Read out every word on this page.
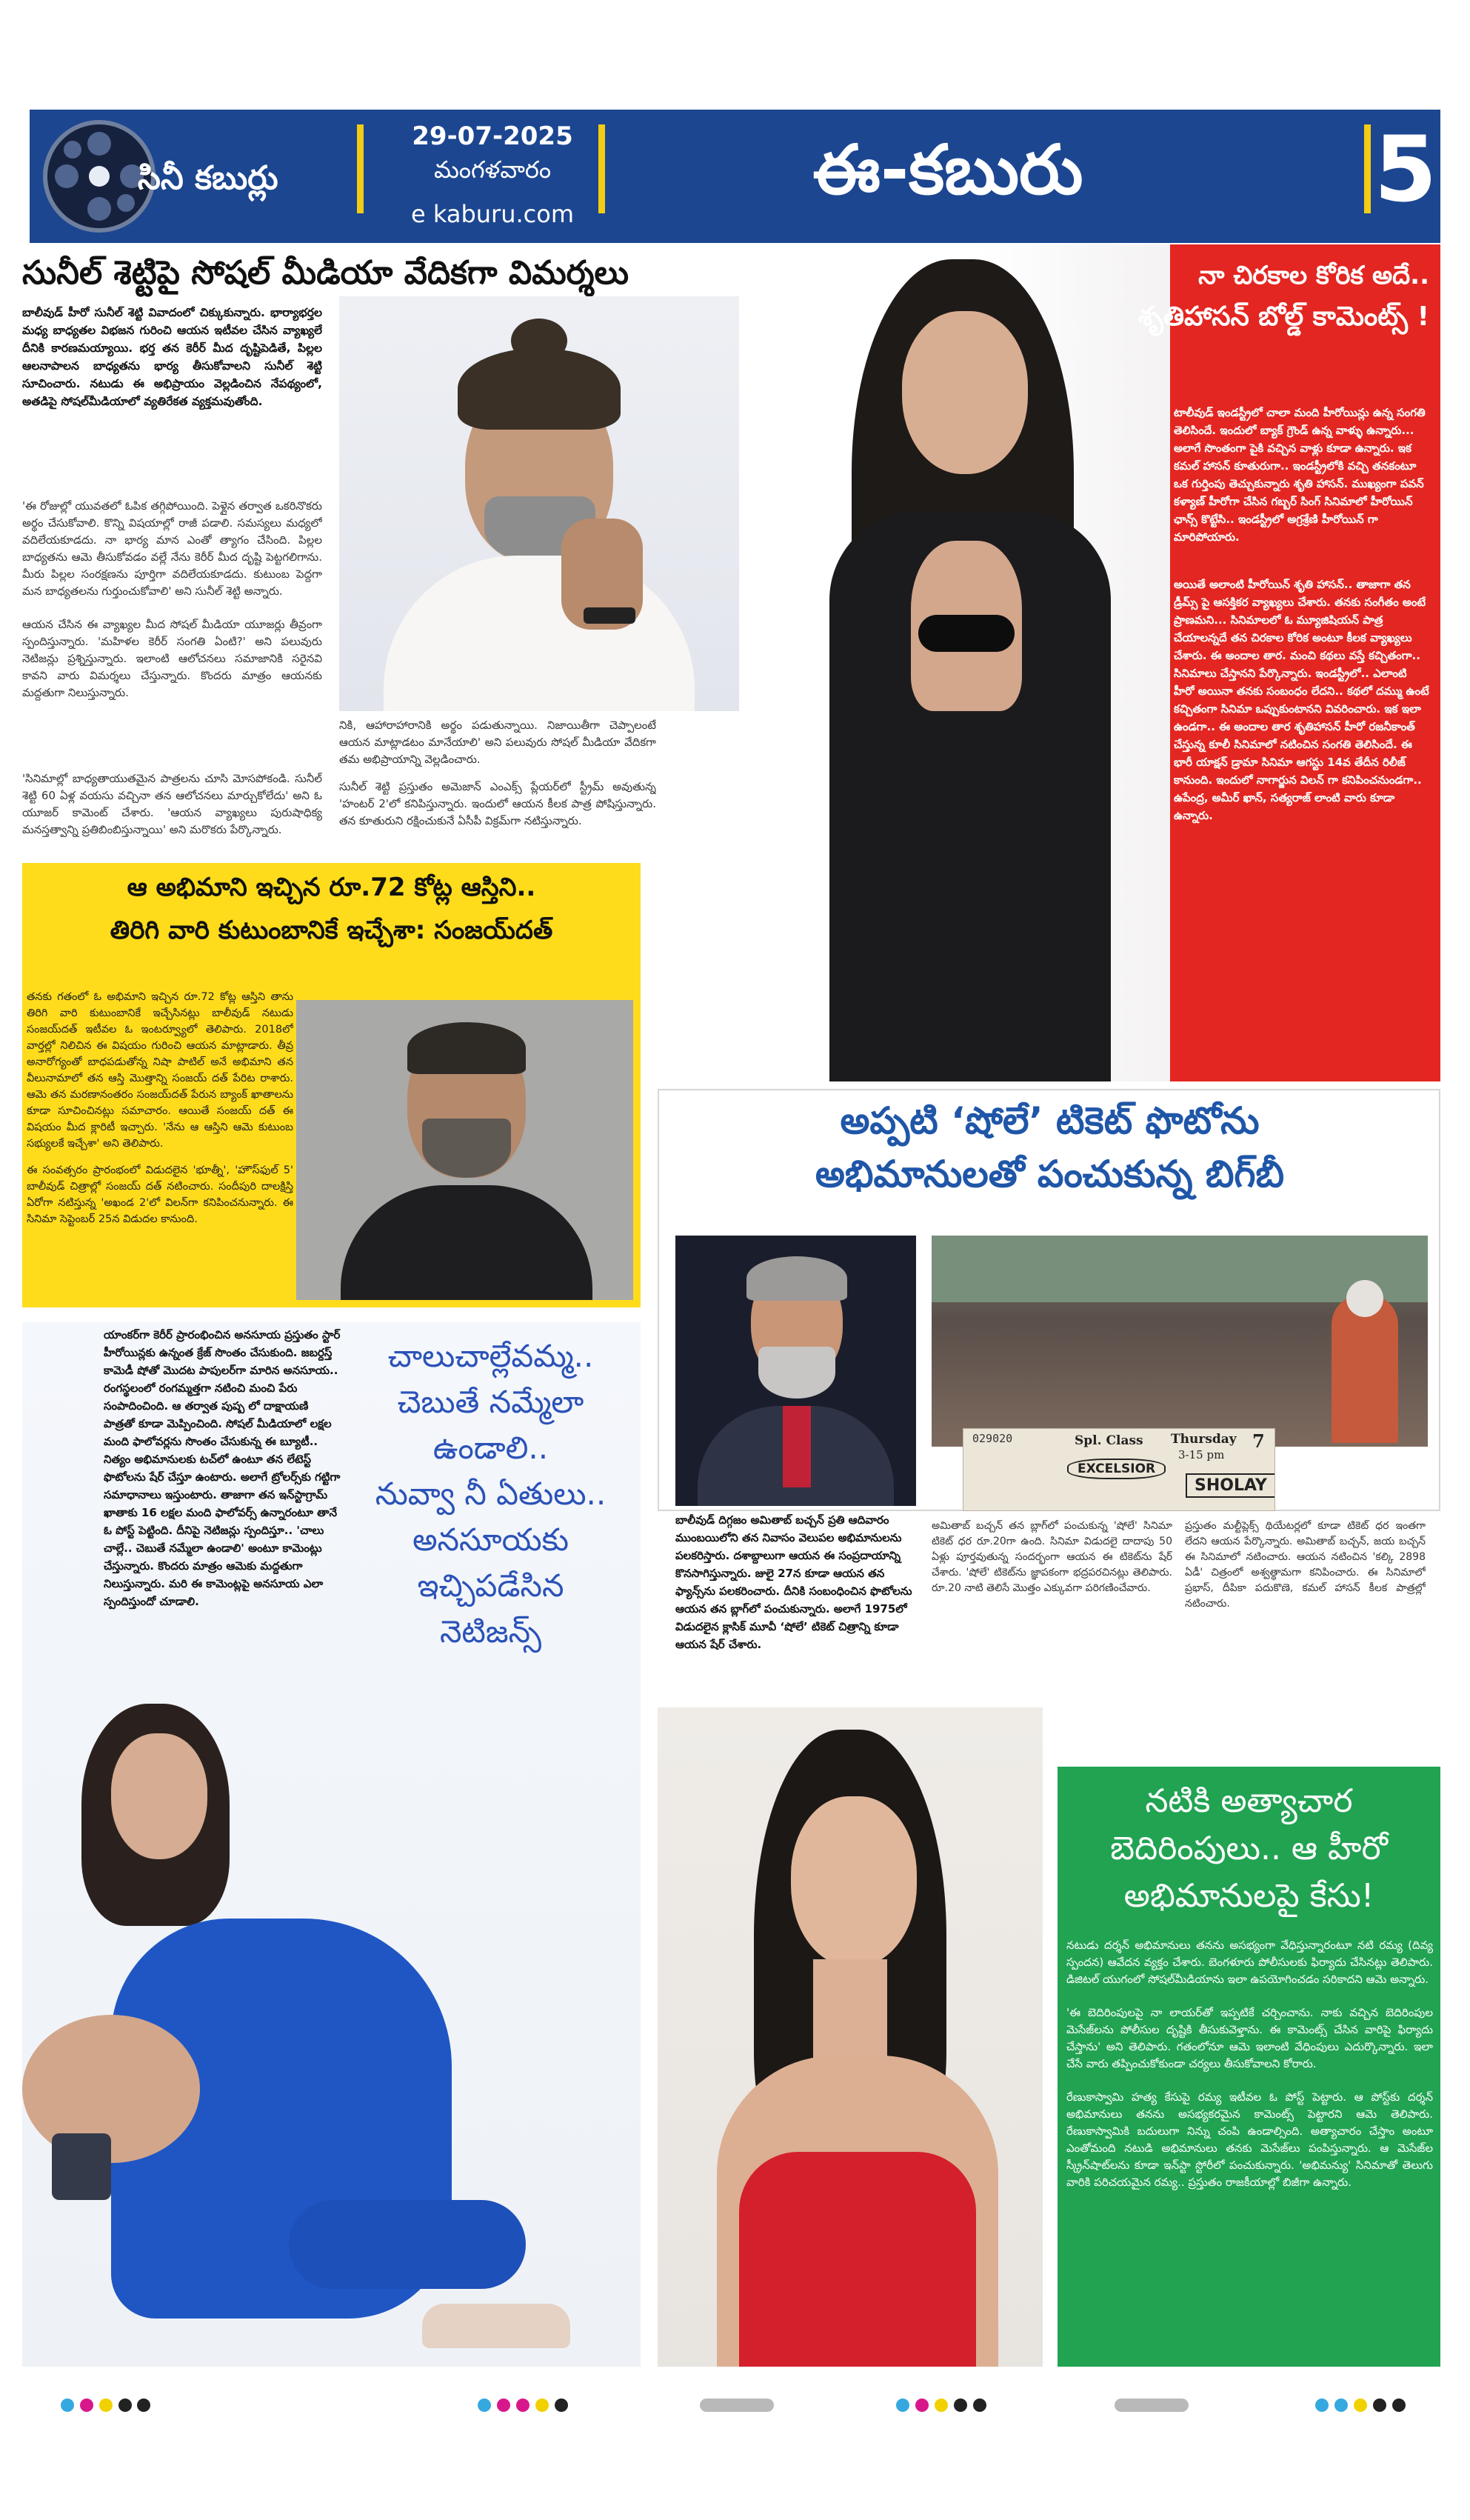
సినీ కబుర్లు
29-07-2025
మంగళవారం
e kaburu.com
ఈ-కబురు	5
సునీల్ శెట్టిపై సోషల్ మీడియా వేదికగా విమర్శలు
బాలీవుడ్ హీరో సునీల్ శెట్టి వివాదంలో చిక్కుకున్నారు. భార్యాభర్తల మధ్య బాధ్యతల విభజన గురించి ఆయన ఇటీవల చేసిన వ్యాఖ్యలే దీనికి కారణమయ్యాయి. భర్త తన కెరీర్ మీద దృష్టిపెడితే, పిల్లల ఆలనాపాలన బాధ్యతను భార్య తీసుకోవాలని సునీల్ శెట్టి సూచించారు. నటుడు ఈ అభిప్రాయం వెల్లడించిన నేపథ్యంలో, అతడిపై సోషల్‌మీడియాలో వ్యతిరేకత వ్యక్తమవుతోంది.

'ఈ రోజుల్లో యువతలో ఓపిక తగ్గిపోయింది. పెళ్లైన తర్వాత ఒకరినొకరు అర్థం చేసుకోవాలి. కొన్ని విషయాల్లో రాజీ పడాలి. సమస్యలు మధ్యలో వదిలేయకూడదు. నా భార్య మాన ఎంతో త్యాగం చేసింది. పిల్లల బాధ్యతను ఆమె తీసుకోవడం వల్లే నేను కెరీర్ మీద దృష్టి పెట్టగలిగాను. మీరు పిల్లల సంరక్షణను పూర్తిగా వదిలేయకూడదు. కుటుంబ పెద్దగా మన బాధ్యతలను గుర్తుంచుకోవాలి' అని సునీల్ శెట్టి అన్నారు.

ఆయన చేసిన ఈ వ్యాఖ్యల మీద సోషల్ మీడియా యూజర్లు తీవ్రంగా స్పందిస్తున్నారు. 'మహిళల కెరీర్ సంగతి ఏంటి?' అని పలువురు నెటిజన్లు ప్రశ్నిస్తున్నారు. ఇలాంటి ఆలోచనలు సమాజానికి సరైనవి కావని వారు విమర్శలు చేస్తున్నారు. కొందరు మాత్రం ఆయనకు మద్దతుగా నిలుస్తున్నారు.

'సినిమాల్లో బాధ్యతాయుతమైన పాత్రలను చూసి మోసపోకండి. సునీల్ శెట్టి 60 ఏళ్ల వయసు వచ్చినా తన ఆలోచనలు మార్చుకోలేదు' అని ఓ యూజర్ కామెంట్ చేశారు. 'ఆయన వ్యాఖ్యలు పురుషాధిక్య మనస్తత్వాన్ని ప్రతిబింబిస్తున్నాయి' అని మరొకరు పేర్కొన్నారు.

నికి, ఆహారాహారానికి అర్థం పడుతున్నాయి. నిజాయితీగా చెప్పాలంటే ఆయన మాట్లాడటం మానేయాలి' అని పలువురు సోషల్ మీడియా వేదికగా తమ అభిప్రాయాన్ని వెల్లడించారు.

సునీల్ శెట్టి ప్రస్తుతం అమెజాన్ ఎంఎక్స్ ప్లేయర్‌లో స్ట్రీమ్ అవుతున్న 'హంటర్ 2'లో కనిపిస్తున్నారు. ఇందులో ఆయన కీలక పాత్ర పోషిస్తున్నారు. తన కూతురుని రక్షించుకునే ఏసీపీ విక్రమ్‌గా నటిస్తున్నారు.

నా చిరకాల కోరిక అదే..
శృతిహాసన్ బోల్డ్ కామెంట్స్ !

టాలీవుడ్ ఇండస్ట్రీలో చాలా మంది హీరోయిన్లు ఉన్న సంగతి తెలిసిందే. ఇందులో బ్యాక్ గ్రౌండ్ ఉన్న వాళ్ళు ఉన్నారు... అలాగే సొంతంగా పైకి వచ్చిన వాళ్లు కూడా ఉన్నారు. ఇక కమల్ హాసన్ కూతురుగా.. ఇండస్ట్రీలోకి వచ్చి తనకంటూ ఒక గుర్తింపు తెచ్చుకున్నారు శృతి హాసన్. ముఖ్యంగా పవన్ కళ్యాణ్ హీరోగా చేసిన గబ్బర్ సింగ్ సినిమాలో హీరోయిన్ ఛాన్స్ కొట్టేసి.. ఇండస్ట్రీలో అగ్రశ్రేణి హీరోయిన్ గా మారిపోయారు.

అయితే అలాంటి హీరోయిన్ శృతి హాసన్.. తాజాగా తన డ్రీమ్స్ పై ఆసక్తికర వ్యాఖ్యలు చేశారు. తనకు సంగీతం అంటే ప్రాణమని... సినిమాలలో ఓ మ్యూజిషియన్ పాత్ర చేయాలన్నదే తన చిరకాల కోరిక అంటూ కీలక వ్యాఖ్యలు చేశారు. ఈ అందాల తార. మంచి కథలు వస్తే కచ్చితంగా.. సినిమాలు చేస్తానని పేర్కొన్నారు. ఇండస్ట్రీలో.. ఎలాంటి హీరో అయినా తనకు సంబంధం లేదని.. కథలో దమ్ము ఉంటే కచ్చితంగా సినిమా ఒప్పుకుంటానని వివరించారు. ఇక ఇలా ఉండగా.. ఈ అందాల తార శృతిహాసన్ హీరో రజనీకాంత్ చేస్తున్న కూలీ సినిమాలో నటించిన సంగతి తెలిసిందే. ఈ భారీ యాక్షన్ డ్రామా సినిమా ఆగస్టు 14వ తేదీన రిలీజ్ కానుంది. ఇందులో నాగార్జున విలన్ గా కనిపించనుండగా.. ఉపేంద్ర, అమీర్ ఖాన్, సత్యరాజ్ లాంటి వారు కూడా ఉన్నారు.

ఆ అభిమాని ఇచ్చిన రూ.72 కోట్ల ఆస్తిని..
తిరిగి వారి కుటుంబానికే ఇచ్చేశా: సంజయ్‌దత్

తనకు గతంలో ఓ అభిమాని ఇచ్చిన రూ.72 కోట్ల ఆస్తిని తాను తిరిగి వారి కుటుంబానికే ఇచ్చేసినట్లు బాలీవుడ్ నటుడు సంజయ్‌దత్ ఇటీవల ఓ ఇంటర్వ్యూలో తెలిపారు. 2018లో వార్తల్లో నిలిచిన ఈ విషయం గురించి ఆయన మాట్లాడారు. తీవ్ర అనారోగ్యంతో బాధపడుతోన్న నిషా పాటిల్ అనే అభిమాని తన వీలునామాలో తన ఆస్తి మొత్తాన్ని సంజయ్ దత్ పేరిట రాశారు. ఆమె తన మరణానంతరం సంజయ్‌దత్ పేరున బ్యాంక్ ఖాతాలను కూడా సూచించినట్లు సమాచారం. ఆయితే సంజయ్ దత్ ఈ విషయం మీద క్లారిటీ ఇచ్చారు. 'నేను ఆ ఆస్తిని ఆమె కుటుంబ సభ్యులకే ఇచ్చేశా' అని తెలిపారు.

ఈ సంవత్సరం ప్రారంభంలో విడుదలైన 'భూత్నీ', 'హౌస్‌ఫుల్ 5' బాలీవుడ్ చిత్రాల్లో సంజయ్ దత్ నటించారు. సందీపురి దాలక్షిస్తి ఏరోగా నటిస్తున్న 'అఖండ 2'లో విలన్‌గా కనిపించనున్నారు. ఈ సినిమా సెప్టెంబర్ 25న విడుదల కానుంది.

యాంకర్‌గా కెరీర్ ప్రారంభించిన అనసూయ ప్రస్తుతం స్టార్ హీరోయిన్లకు ఉన్నంత క్రేజ్ సొంతం చేసుకుంది. జబర్దస్త్ కామెడీ షోతో మొదట పాపులర్‌గా మారిన అనసూయ.. రంగస్థలంలో రంగమ్మత్తగా నటించి మంచి పేరు సంపాదించింది. ఆ తర్వాత పుష్ప లో దాక్షాయణి పాత్రతో కూడా మెప్పించింది. సోషల్ మీడియాలో లక్షల మంది ఫాలోవర్లను సొంతం చేసుకున్న ఈ బ్యూటీ.. నిత్యం అభిమానులకు టచ్‌లో ఉంటూ తన లేటెస్ట్ ఫొటోలను షేర్ చేస్తూ ఉంటారు. అలాగే ట్రోలర్స్‌కు గట్టిగా సమాధానాలు ఇస్తుంటారు. తాజాగా తన ఇన్‌స్టాగ్రామ్ ఖాతాకు 16 లక్షల మంది ఫాలోవర్స్ ఉన్నారంటూ తానే ఓ పోస్ట్ పెట్టింది. దీనిపై నెటిజన్లు స్పందిస్తూ.. 'చాలు చాల్లే.. చెబుతే నమ్మేలా ఉండాలి' అంటూ కామెంట్లు చేస్తున్నారు. కొందరు మాత్రం ఆమెకు మద్దతుగా నిలుస్తున్నారు. మరి ఈ కామెంట్లపై అనసూయ ఎలా స్పందిస్తుందో చూడాలి.
చాలుచాల్లేవమ్మ..
చెబుతే నమ్మేలా
ఉండాలి..
నువ్వా నీ ఏతులు..
అనసూయకు
ఇచ్చిపడేసిన
నెటిజన్స్
అప్పటి ‘షోలే’ టికెట్ ఫొటోను
అభిమానులతో పంచుకున్న బిగ్‌బీ
029020	Spl. Class Thursday
3-15 pm
7
EXCELSIOR
SHOLAY
బాలీవుడ్ దిగ్గజం అమితాబ్ బచ్చన్ ప్రతి ఆదివారం ముంబయిలోని తన నివాసం వెలుపల అభిమానులను పలకరిస్తారు. దశాబ్దాలుగా ఆయన ఈ సంప్రదాయాన్ని కొనసాగిస్తున్నారు. జులై 27న కూడా ఆయన తన ఫ్యాన్స్‌ను పలకరించారు. దీనికి సంబంధించిన ఫొటోలను ఆయన తన బ్లాగ్‌లో పంచుకున్నారు. అలాగే 1975లో విడుదలైన క్లాసిక్ మూవీ ‘షోలే’ టికెట్ చిత్రాన్ని కూడా ఆయన షేర్ చేశారు.
అమితాబ్ బచ్చన్ తన బ్లాగ్‌లో పంచుకున్న 'షోలే' సినిమా టికెట్ ధర రూ.20గా ఉంది. సినిమా విడుదలై దాదాపు 50 ఏళ్లు పూర్తవుతున్న సందర్భంగా ఆయన ఈ టికెట్‌ను షేర్ చేశారు. 'షోలే' టికెట్‌ను జ్ఞాపకంగా భద్రపరచినట్లు తెలిపారు. రూ.20 నాటి తెలిసే మొత్తం ఎక్కువగా పరిగణించేవారు.
ప్రస్తుతం మల్టీప్లెక్స్ థియేటర్లలో కూడా టికెట్ ధర ఇంతగా లేదని ఆయన పేర్కొన్నారు. అమితాబ్ బచ్చన్, జయ బచ్చన్ ఈ సినిమాలో నటించారు. ఆయన నటించిన 'కల్కి 2898 ఏడీ' చిత్రంలో అశ్వత్థామగా కనిపించారు. ఈ సినిమాలో ప్రభాస్, దీపికా పదుకొణె, కమల్ హాసన్ కీలక పాత్రల్లో నటించారు.
నటికి అత్యాచార
బెదిరింపులు.. ఆ హీరో
అభిమానులపై కేసు!

నటుడు దర్శన్ అభిమానులు తనను అసభ్యంగా వేధిస్తున్నారంటూ నటి రమ్య (దివ్య స్పందన) ఆవేదన వ్యక్తం చేశారు. బెంగళూరు పోలీసులకు ఫిర్యాదు చేసినట్లు తెలిపారు. డిజిటల్ యుగంలో సోషల్‌మీడియాను ఇలా ఉపయోగించడం సరికాదని ఆమె అన్నారు.

'ఈ బెదిరింపులపై నా లాయర్‌తో ఇప్పటికే చర్చించాను. నాకు వచ్చిన బెదిరింపుల మెసేజ్‌లను పోలీసుల దృష్టికి తీసుకువెళ్తాను. ఈ కామెంట్స్ చేసిన వారిపై ఫిర్యాదు చేస్తాను' అని తెలిపారు. గతంలోనూ ఆమె ఇలాంటి వేధింపులు ఎదుర్కొన్నారు. ఇలా చేసే వారు తప్పించుకోకుండా చర్యలు తీసుకోవాలని కోరారు.

రేణుకాస్వామి హత్య కేసుపై రమ్య ఇటీవల ఓ పోస్ట్ పెట్టారు. ఆ పోస్ట్‌కు దర్శన్ అభిమానులు తనను అసభ్యకరమైన కామెంట్స్ పెట్టారని ఆమె తెలిపారు. రేణుకాస్వామికి బదులుగా నిన్ను చంపి ఉండాల్సింది. అత్యాచారం చేస్తాం అంటూ ఎంతోమంది నటుడి అభిమానులు తనకు మెసేజ్‌లు పంపిస్తున్నారు. ఆ మెసేజ్‌ల స్క్రీన్‌షాట్‌లను కూడా ఇన్‌స్టా స్టోరీలో పంచుకున్నారు. 'అభిమన్యు' సినిమాతో తెలుగు వారికి పరిచయమైన రమ్య.. ప్రస్తుతం రాజకీయాల్లో బిజీగా ఉన్నారు.
